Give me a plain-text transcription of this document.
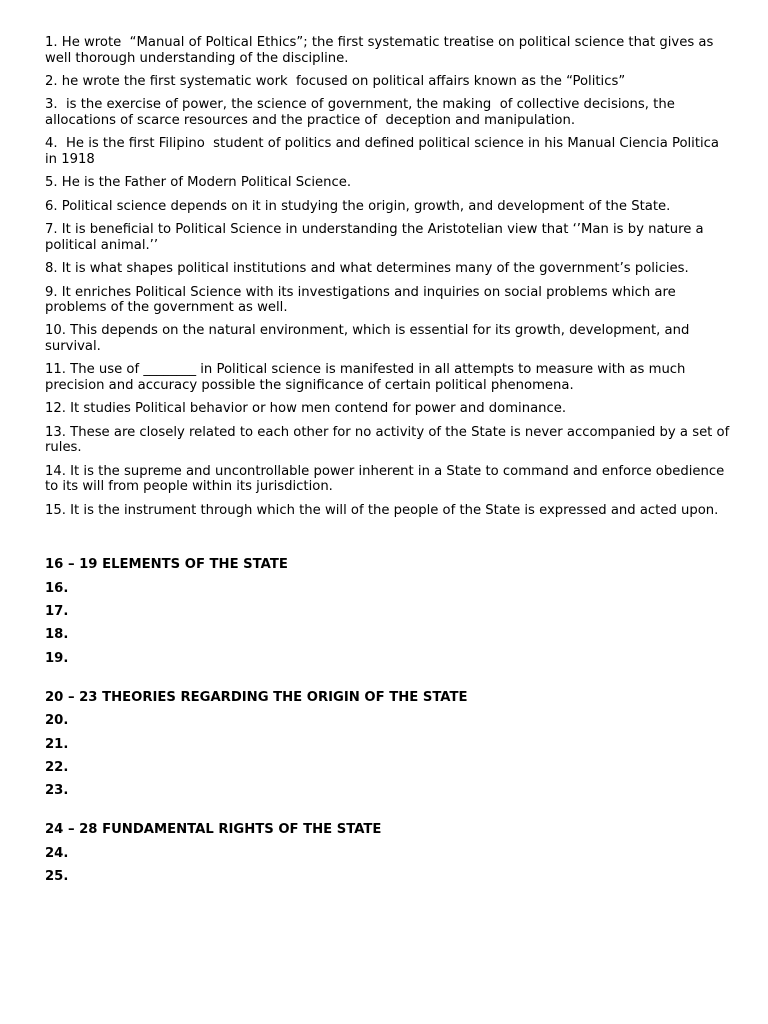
1. He wrote  “Manual of Poltical Ethics”; the first systematic treatise on political science that gives as well thorough understanding of the discipline.

2. he wrote the first systematic work  focused on political affairs known as the “Politics”

3.  is the exercise of power, the science of government, the making  of collective decisions, the allocations of scarce resources and the practice of  deception and manipulation.

4.  He is the first Filipino  student of politics and defined political science in his Manual Ciencia Politica  in 1918

5. He is the Father of Modern Political Science.

6. Political science depends on it in studying the origin, growth, and development of the State.

7. It is beneficial to Political Science in understanding the Aristotelian view that ‘’Man is by nature a political animal.’’

8. It is what shapes political institutions and what determines many of the government’s policies.

9. It enriches Political Science with its investigations and inquiries on social problems which are problems of the government as well.

10. This depends on the natural environment, which is essential for its growth, development, and survival.

11. The use of ________ in Political science is manifested in all attempts to measure with as much precision and accuracy possible the significance of certain political phenomena.

12. It studies Political behavior or how men contend for power and dominance.

13. These are closely related to each other for no activity of the State is never accompanied by a set of rules.

14. It is the supreme and uncontrollable power inherent in a State to command and enforce obedience to its will from people within its jurisdiction.

15. It is the instrument through which the will of the people of the State is expressed and acted upon.

16 – 19 ELEMENTS OF THE STATE

16.

17.

18.

19.

20 – 23 THEORIES REGARDING THE ORIGIN OF THE STATE

20.

21.

22.

23.

24 – 28 FUNDAMENTAL RIGHTS OF THE STATE

24.

25.
